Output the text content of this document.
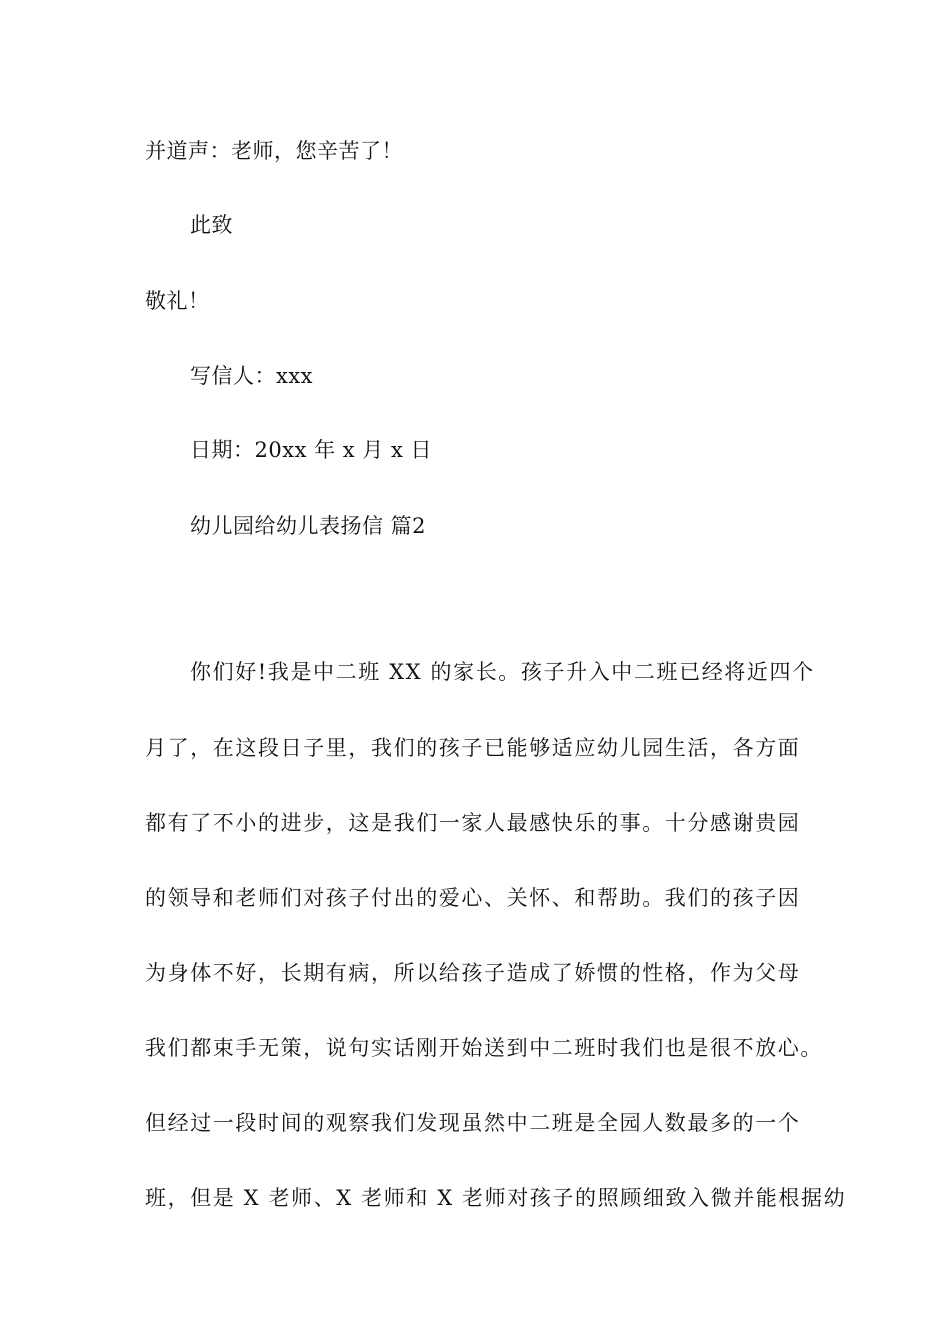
并道声：老师，您辛苦了！
此致
敬礼！
写信人：xxx
日期：20xx 年 x 月 x 日
幼儿园给幼儿表扬信 篇2
你们好!我是中二班 XX 的家长。孩子升入中二班已经将近四个
月了，在这段日子里，我们的孩子已能够适应幼儿园生活，各方面
都有了不小的进步，这是我们一家人最感快乐的事。十分感谢贵园
的领导和老师们对孩子付出的爱心、关怀、和帮助。我们的孩子因
为身体不好，长期有病，所以给孩子造成了娇惯的性格，作为父母
我们都束手无策，说句实话刚开始送到中二班时我们也是很不放心。
但经过一段时间的观察我们发现虽然中二班是全园人数最多的一个
班，但是 X 老师、X 老师和 X 老师对孩子的照顾细致入微并能根据幼
